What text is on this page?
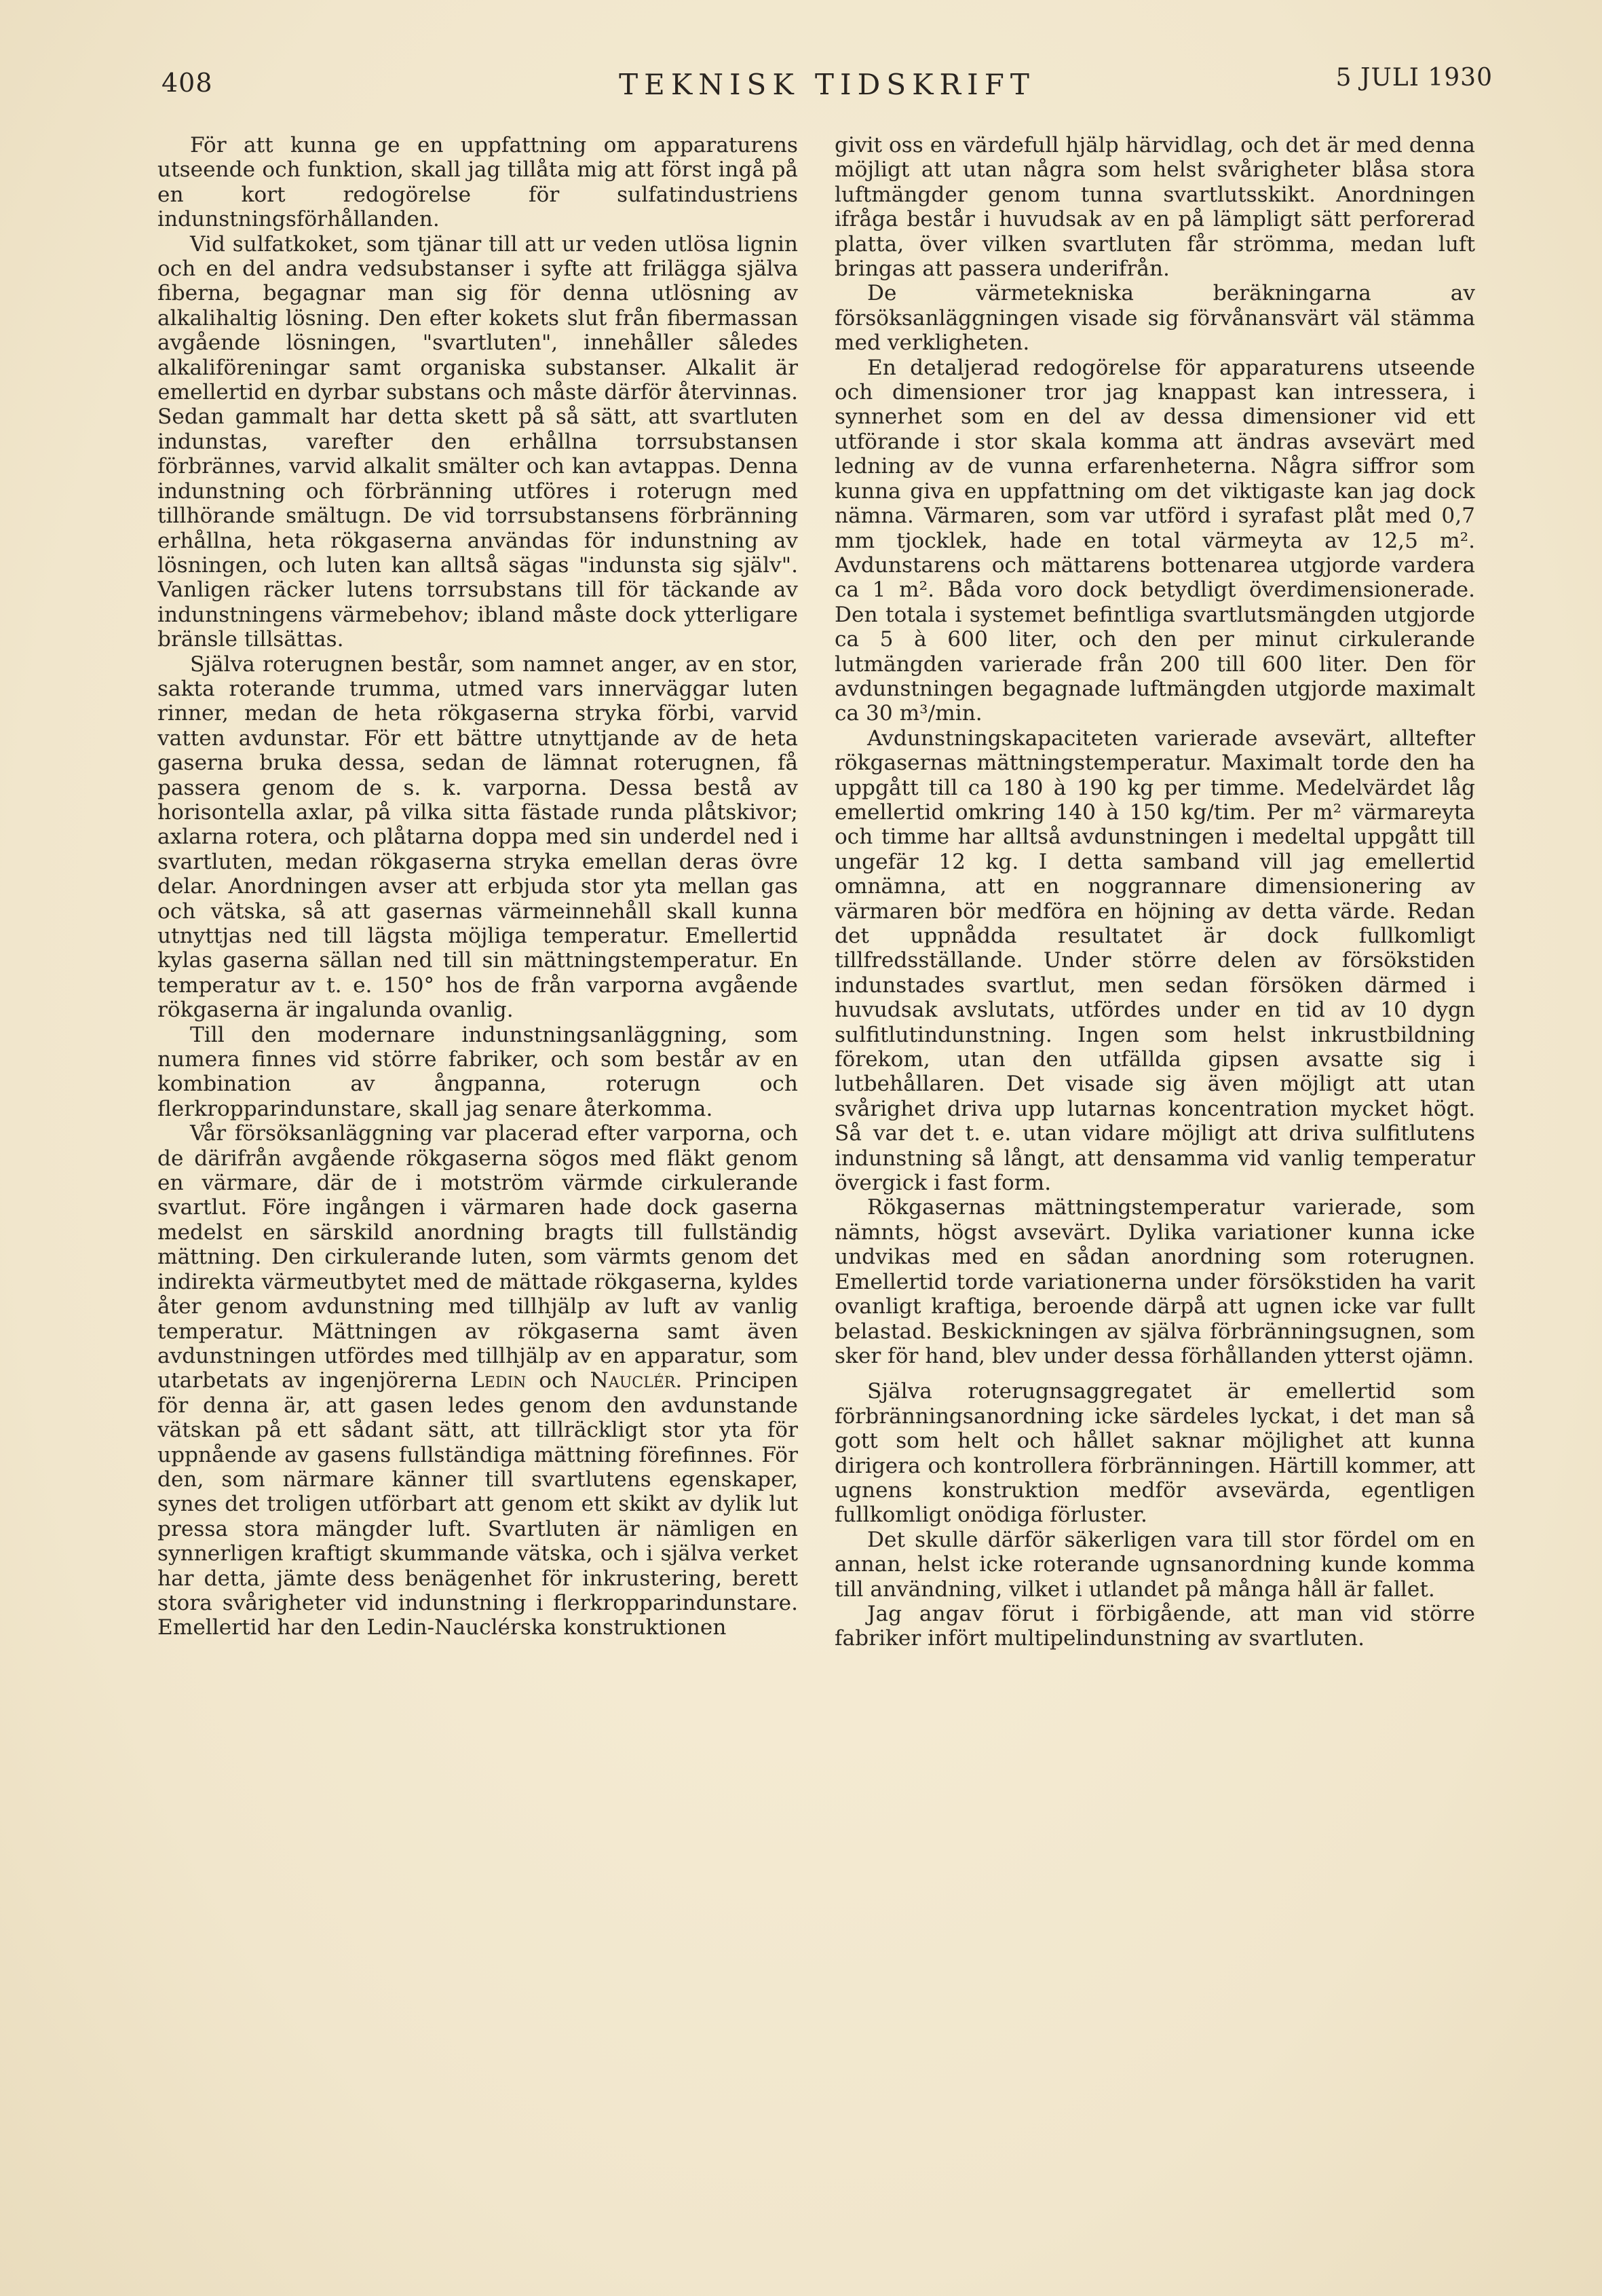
408	TEKNISK TIDSKRIFT	5 JULI 1930

För att kunna ge en uppfattning om apparaturens utseende och funktion, skall jag tillåta mig att först ingå på en kort redogörelse för sulfatindustriens indunstningsförhållanden.

Vid sulfatkoket, som tjänar till att ur veden utlösa lignin och en del andra vedsubstanser i syfte att frilägga själva fiberna, begagnar man sig för denna utlösning av alkalihaltig lösning. Den efter kokets slut från fibermassan avgående lösningen, "svartluten", innehåller således alkaliföreningar samt organiska substanser. Alkalit är emellertid en dyrbar substans och måste därför återvinnas. Sedan gammalt har detta skett på så sätt, att svartluten indunstas, varefter den erhållna torrsubstansen förbrännes, varvid alkalit smälter och kan avtappas. Denna indunstning och förbränning utföres i roterugn med tillhörande smältugn. De vid torrsubstansens förbränning erhållna, heta rökgaserna användas för indunstning av lösningen, och luten kan alltså sägas "indunsta sig själv". Vanligen räcker lutens torrsubstans till för täckande av indunstningens värmebehov; ibland måste dock ytterligare bränsle tillsättas.

Själva roterugnen består, som namnet anger, av en stor, sakta roterande trumma, utmed vars innerväggar luten rinner, medan de heta rökgaserna stryka förbi, varvid vatten avdunstar. För ett bättre utnyttjande av de heta gaserna bruka dessa, sedan de lämnat roterugnen, få passera genom de s. k. varporna. Dessa bestå av horisontella axlar, på vilka sitta fästade runda plåtskivor; axlarna rotera, och plåtarna doppa med sin underdel ned i svartluten, medan rökgaserna stryka emellan deras övre delar. Anordningen avser att erbjuda stor yta mellan gas och vätska, så att gasernas värmeinnehåll skall kunna utnyttjas ned till lägsta möjliga temperatur. Emellertid kylas gaserna sällan ned till sin mättningstemperatur. En temperatur av t. e. 150° hos de från varporna avgående rökgaserna är ingalunda ovanlig.

Till den modernare indunstningsanläggning, som numera finnes vid större fabriker, och som består av en kombination av ångpanna, roterugn och flerkropparindunstare, skall jag senare återkomma.

Vår försöksanläggning var placerad efter varporna, och de därifrån avgående rökgaserna sögos med fläkt genom en värmare, där de i motström värmde cirkulerande svartlut. Före ingången i värmaren hade dock gaserna medelst en särskild anordning bragts till fullständig mättning. Den cirkulerande luten, som värmts genom det indirekta värmeutbytet med de mättade rökgaserna, kyldes åter genom avdunstning med tillhjälp av luft av vanlig temperatur. Mättningen av rökgaserna samt även avdunstningen utfördes med tillhjälp av en apparatur, som utarbetats av ingenjörerna Ledin och Nauclér. Principen för denna är, att gasen ledes genom den avdunstande vätskan på ett sådant sätt, att tillräckligt stor yta för uppnående av gasens fullständiga mättning förefinnes. För den, som närmare känner till svartlutens egenskaper, synes det troligen utförbart att genom ett skikt av dylik lut pressa stora mängder luft. Svartluten är nämligen en synnerligen kraftigt skummande vätska, och i själva verket har detta, jämte dess benägenhet för inkrustering, berett stora svårigheter vid indunstning i flerkropparindunstare. Emellertid har den Ledin-Nauclérska konstruktionen

givit oss en värdefull hjälp härvidlag, och det är med denna möjligt att utan några som helst svårigheter blåsa stora luftmängder genom tunna svartlutsskikt. Anordningen ifråga består i huvudsak av en på lämpligt sätt perforerad platta, över vilken svartluten får strömma, medan luft bringas att passera underifrån.

De värmetekniska beräkningarna av försöksanläggningen visade sig förvånansvärt väl stämma med verkligheten.

En detaljerad redogörelse för apparaturens utseende och dimensioner tror jag knappast kan intressera, i synnerhet som en del av dessa dimensioner vid ett utförande i stor skala komma att ändras avsevärt med ledning av de vunna erfarenheterna. Några siffror som kunna giva en uppfattning om det viktigaste kan jag dock nämna. Värmaren, som var utförd i syrafast plåt med 0,7 mm tjocklek, hade en total värmeyta av 12,5 m². Avdunstarens och mättarens bottenarea utgjorde vardera ca 1 m². Båda voro dock betydligt överdimensionerade. Den totala i systemet befintliga svartlutsmängden utgjorde ca 5 à 600 liter, och den per minut cirkulerande lutmängden varierade från 200 till 600 liter. Den för avdunstningen begagnade luftmängden utgjorde maximalt ca 30 m³/min.

Avdunstningskapaciteten varierade avsevärt, alltefter rökgasernas mättningstemperatur. Maximalt torde den ha uppgått till ca 180 à 190 kg per timme. Medelvärdet låg emellertid omkring 140 à 150 kg/tim. Per m² värmareyta och timme har alltså avdunstningen i medeltal uppgått till ungefär 12 kg. I detta samband vill jag emellertid omnämna, att en noggrannare dimensionering av värmaren bör medföra en höjning av detta värde. Redan det uppnådda resultatet är dock fullkomligt tillfredsställande. Under större delen av försökstiden indunstades svartlut, men sedan försöken därmed i huvudsak avslutats, utfördes under en tid av 10 dygn sulfitlutindunstning. Ingen som helst inkrustbildning förekom, utan den utfällda gipsen avsatte sig i lutbehållaren. Det visade sig även möjligt att utan svårighet driva upp lutarnas koncentration mycket högt. Så var det t. e. utan vidare möjligt att driva sulfitlutens indunstning så långt, att densamma vid vanlig temperatur övergick i fast form.

Rökgasernas mättningstemperatur varierade, som nämnts, högst avsevärt. Dylika variationer kunna icke undvikas med en sådan anordning som roterugnen. Emellertid torde variationerna under försökstiden ha varit ovanligt kraftiga, beroende därpå att ugnen icke var fullt belastad. Beskickningen av själva förbränningsugnen, som sker för hand, blev under dessa förhållanden ytterst ojämn.

Själva roterugnsaggregatet är emellertid som förbränningsanordning icke särdeles lyckat, i det man så gott som helt och hållet saknar möjlighet att kunna dirigera och kontrollera förbränningen. Härtill kommer, att ugnens konstruktion medför avsevärda, egentligen fullkomligt onödiga förluster.

Det skulle därför säkerligen vara till stor fördel om en annan, helst icke roterande ugnsanordning kunde komma till användning, vilket i utlandet på många håll är fallet.

Jag angav förut i förbigående, att man vid större fabriker infört multipelindunstning av svartluten.
